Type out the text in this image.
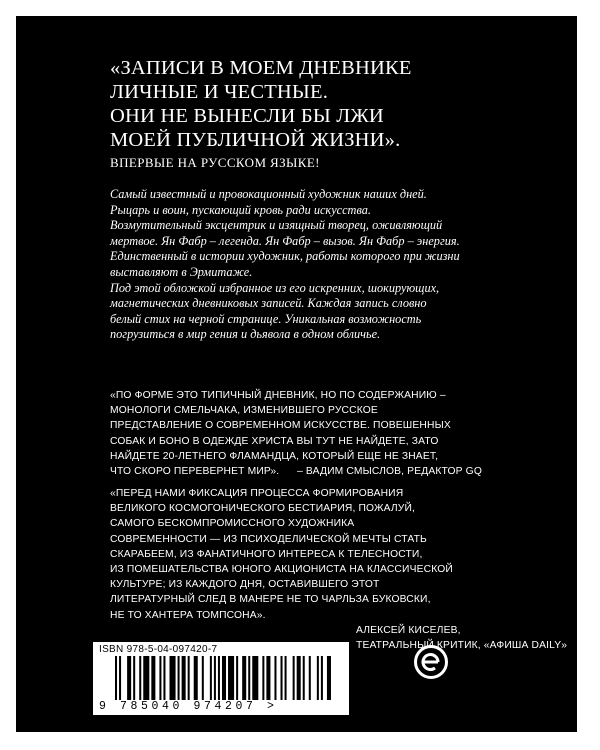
«ЗАПИСИ В МОЕМ ДНЕВНИКЕ
ЛИЧНЫЕ И ЧЕСТНЫЕ.
ОНИ НЕ ВЫНЕСЛИ БЫ ЛЖИ
МОЕЙ ПУБЛИЧНОЙ ЖИЗНИ».
ВПЕРВЫЕ НА РУССКОМ ЯЗЫКЕ!
Самый известный и провокационный художник наших дней.
Рыцарь и воин, пускающий кровь ради искусства.
Возмутительный эксцентрик и изящный творец, оживляющий
мертвое. Ян Фабр – легенда. Ян Фабр – вызов. Ян Фабр – энергия.
Единственный в истории художник, работы которого при жизни
выставляют в Эрмитаже.
Под этой обложкой избранное из его искренних, шокирующих,
магнетических дневниковых записей. Каждая запись словно
белый стих на черной странице. Уникальная возможность
погрузиться в мир гения и дьявола в одном обличье.
«ПО ФОРМЕ ЭТО ТИПИЧНЫЙ ДНЕВНИК, НО ПО СОДЕРЖАНИЮ –
МОНОЛОГИ СМЕЛЬЧАКА, ИЗМЕНИВШЕГО РУССКОЕ
ПРЕДСТАВЛЕНИЕ О СОВРЕМЕННОМ ИСКУССТВЕ. ПОВЕШЕННЫХ
СОБАК И БОНО В ОДЕЖДЕ ХРИСТА ВЫ ТУТ НЕ НАЙДЕТЕ, ЗАТО
НАЙДЕТЕ 20-ЛЕТНЕГО ФЛАМАНДЦА, КОТОРЫЙ ЕЩЕ НЕ ЗНАЕТ,
ЧТО СКОРО ПЕРЕВЕРНЕТ МИР».	– ВАДИМ СМЫСЛОВ, РЕДАКТОР GQ
«ПЕРЕД НАМИ ФИКСАЦИЯ ПРОЦЕССА ФОРМИРОВАНИЯ
ВЕЛИКОГО КОСМОГОНИЧЕСКОГО БЕСТИАРИЯ, ПОЖАЛУЙ,
САМОГО БЕСКОМПРОМИССНОГО ХУДОЖНИКА
СОВРЕМЕННОСТИ — ИЗ ПСИХОДЕЛИЧЕСКОЙ МЕЧТЫ СТАТЬ
СКАРАБЕЕМ, ИЗ ФАНАТИЧНОГО ИНТЕРЕСА К ТЕЛЕСНОСТИ,
ИЗ ПОМЕШАТЕЛЬСТВА ЮНОГО АКЦИОНИСТА НА КЛАССИЧЕСКОЙ
КУЛЬТУРЕ; ИЗ КАЖДОГО ДНЯ, ОСТАВИВШЕГО ЭТОТ
ЛИТЕРАТУРНЫЙ СЛЕД В МАНЕРЕ НЕ ТО ЧАРЛЬЗА БУКОВСКИ,
НЕ ТО ХАНТЕРА ТОМПСОНА».
АЛЕКСЕЙ КИСЕЛЕВ,
ТЕАТРАЛЬНЫЙ КРИТИК, «АФИША DAILY»
ISBN 978-5-04-097420-7
9 785040 974207 >
